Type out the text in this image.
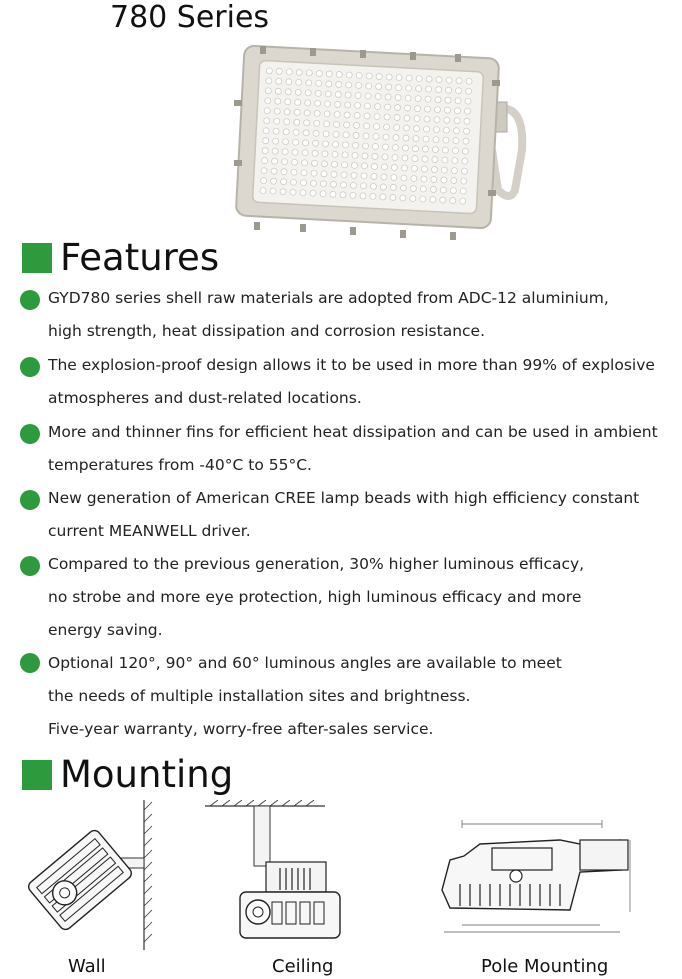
780 Series
Features
GYD780 series shell raw materials are adopted from ADC-12 aluminium,
high strength, heat dissipation and corrosion resistance.
The explosion-proof design allows it to be used in more than 99% of explosive
atmospheres and dust-related locations.
More and thinner fins for efficient heat dissipation and can be used in ambient
temperatures from -40°C to 55°C.
New generation of American CREE lamp beads with high efficiency constant
current MEANWELL driver.
Compared to the previous generation, 30% higher luminous efficacy,
no strobe and more eye protection, high luminous efficacy and more
energy saving.
Optional 120°, 90° and 60° luminous angles are available to meet
the needs of multiple installation sites and brightness.
Five-year warranty, worry-free after-sales service.
Mounting
Wall	Ceiling	Pole Mounting
